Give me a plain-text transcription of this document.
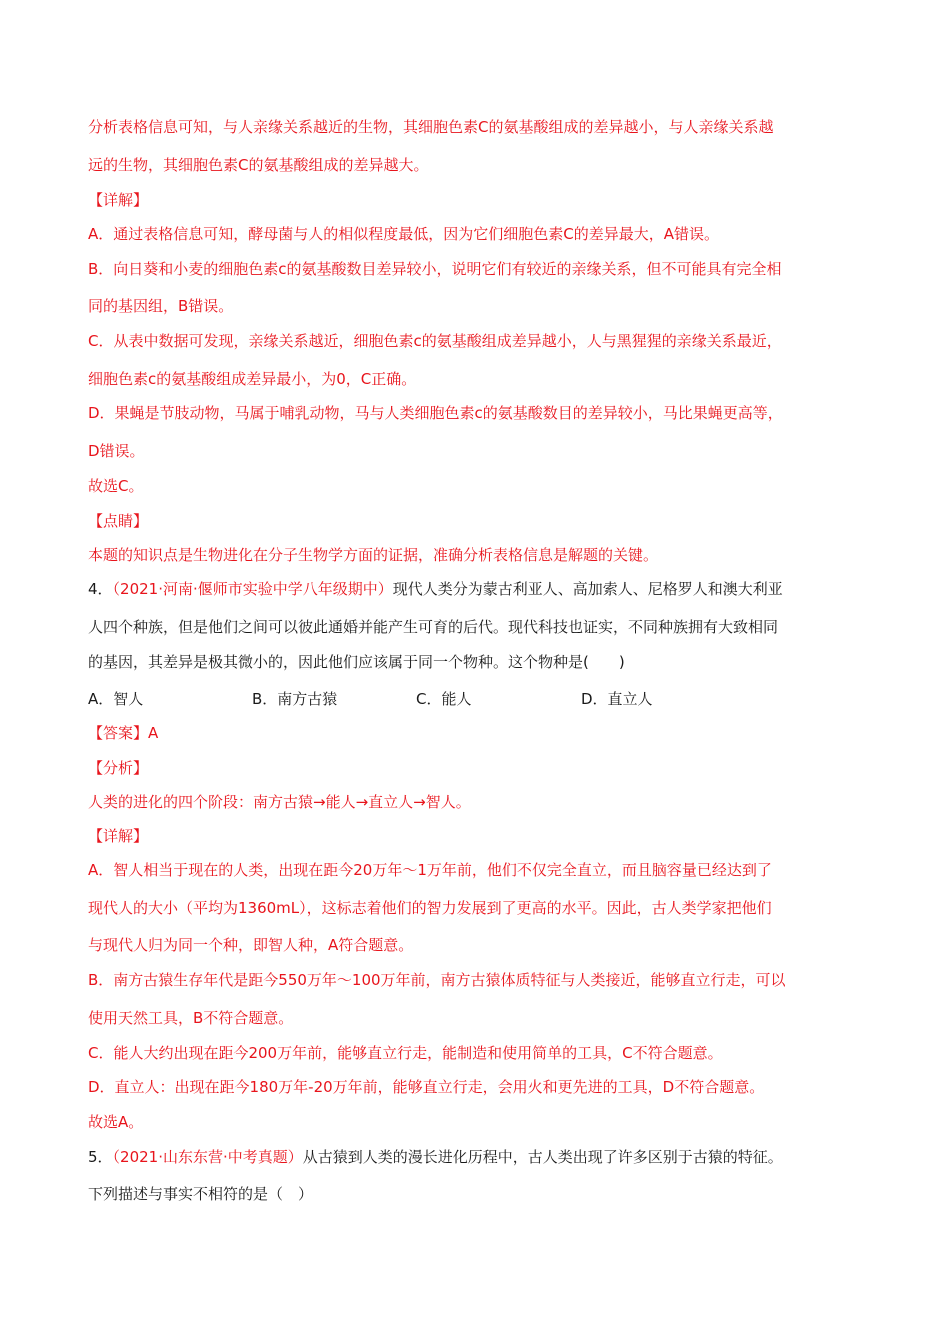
分析表格信息可知，与人亲缘关系越近的生物，其细胞色素C的氨基酸组成的差异越小，与人亲缘关系越
远的生物，其细胞色素C的氨基酸组成的差异越大。
【详解】
A．通过表格信息可知，酵母菌与人的相似程度最低，因为它们细胞色素C的差异最大，A错误。
B．向日葵和小麦的细胞色素c的氨基酸数目差异较小，说明它们有较近的亲缘关系，但不可能具有完全相
同的基因组，B错误。
C．从表中数据可发现，亲缘关系越近，细胞色素c的氨基酸组成差异越小，人与黑猩猩的亲缘关系最近，
细胞色素c的氨基酸组成差异最小，为0，C正确。
D．果蝇是节肢动物，马属于哺乳动物，马与人类细胞色素c的氨基酸数目的差异较小，马比果蝇更高等，
D错误。
故选C。
【点睛】
本题的知识点是生物进化在分子生物学方面的证据，准确分析表格信息是解题的关键。
4．（2021·河南·偃师市实验中学八年级期中）现代人类分为蒙古利亚人、高加索人、尼格罗人和澳大利亚
人四个种族，但是他们之间可以彼此通婚并能产生可育的后代。现代科技也证实，不同种族拥有大致相同
的基因，其差异是极其微小的，因此他们应该属于同一个物种。这个物种是(　　)
A．智人	B．南方古猿	C．能人	D．直立人
【答案】A
【分析】
人类的进化的四个阶段：南方古猿→能人→直立人→智人。
【详解】
A．智人相当于现在的人类，出现在距今20万年～1万年前，他们不仅完全直立，而且脑容量已经达到了
现代人的大小（平均为1360mL），这标志着他们的智力发展到了更高的水平。因此，古人类学家把他们
与现代人归为同一个种，即智人种，A符合题意。
B．南方古猿生存年代是距今550万年～100万年前，南方古猿体质特征与人类接近，能够直立行走，可以
使用天然工具，B不符合题意。
C．能人大约出现在距今200万年前，能够直立行走，能制造和使用简单的工具，C不符合题意。
D．直立人：出现在距今180万年-20万年前，能够直立行走，会用火和更先进的工具，D不符合题意。
故选A。
5．（2021·山东东营·中考真题）从古猿到人类的漫长进化历程中，古人类出现了许多区别于古猿的特征。
下列描述与事实不相符的是（　）
